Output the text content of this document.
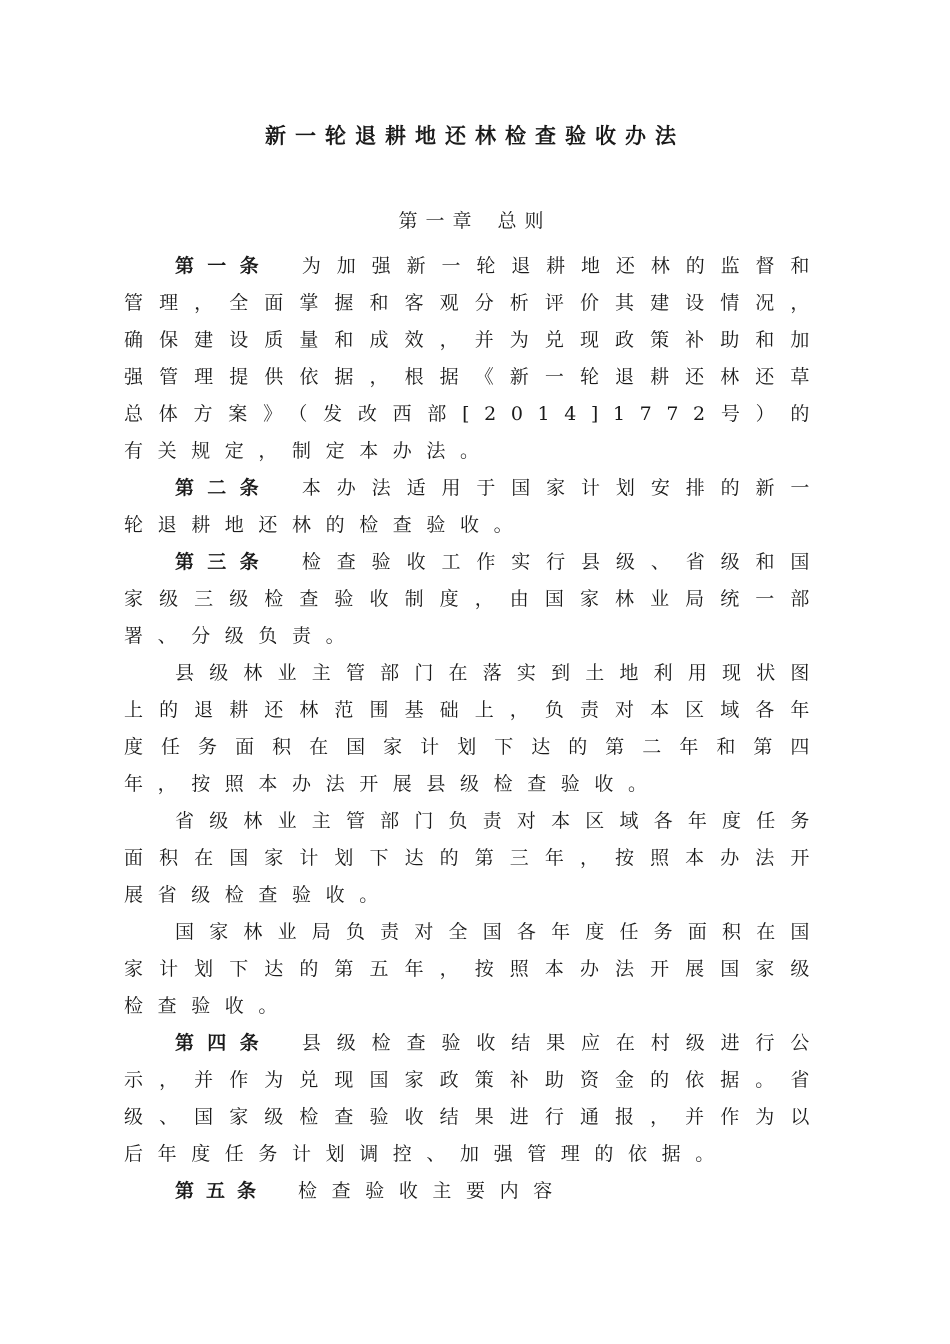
新一轮退耕地还林检查验收办法
第一章 总则

第一条 为加强新一轮退耕地还林的监督和管理，全面掌握和客观分析评价其建设情况，确保建设质量和成效，并为兑现政策补助和加强管理提供依据，根据《新一轮退耕还林还草总体方案》（发改西部[2014]1772号）的有关规定，制定本办法。

第二条 本办法适用于国家计划安排的新一轮退耕地还林的检查验收。

第三条 检查验收工作实行县级、省级和国家级三级检查验收制度，由国家林业局统一部署、分级负责。

县级林业主管部门在落实到土地利用现状图上的退耕还林范围基础上，负责对本区域各年度任务面积在国家计划下达的第二年和第四年，按照本办法开展县级检查验收。

省级林业主管部门负责对本区域各年度任务面积在国家计划下达的第三年，按照本办法开展省级检查验收。

国家林业局负责对全国各年度任务面积在国家计划下达的第五年，按照本办法开展国家级检查验收。

第四条 县级检查验收结果应在村级进行公示，并作为兑现国家政策补助资金的依据。省级、国家级检查验收结果进行通报，并作为以后年度任务计划调控、加强管理的依据。

第五条 检查验收主要内容
